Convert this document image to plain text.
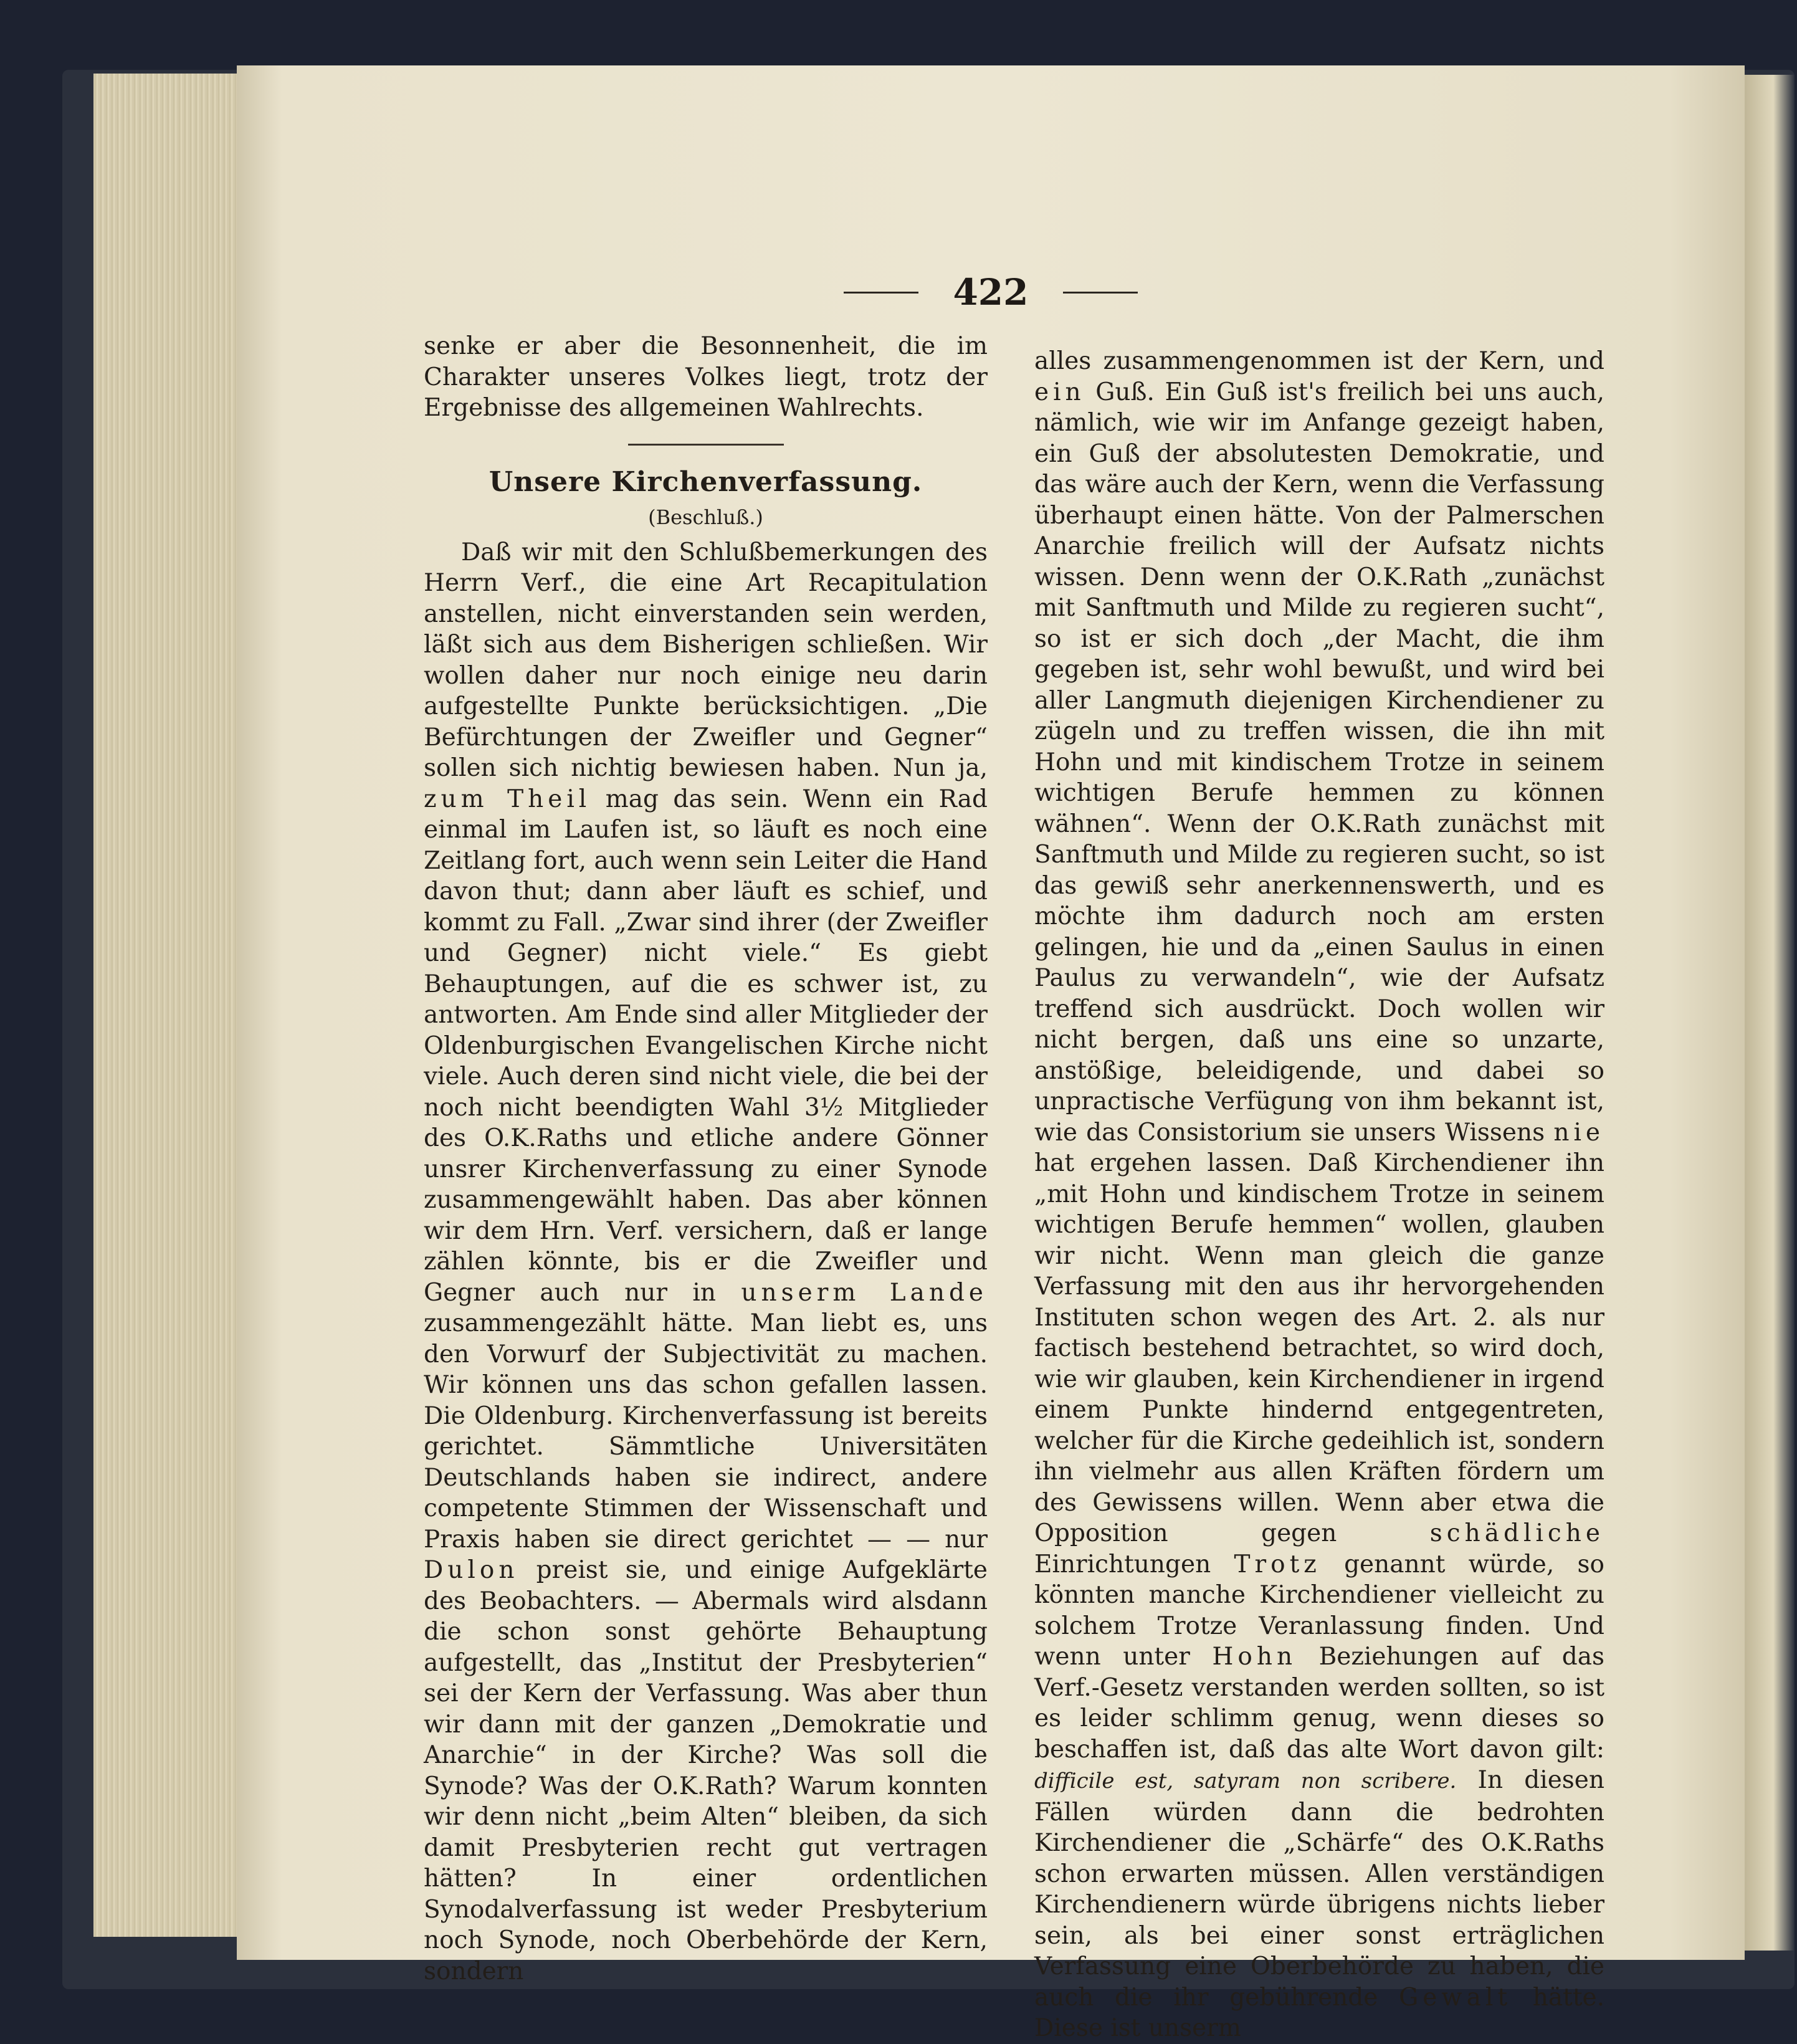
422

senke er aber die Besonnenheit, die im Charakter unseres Volkes liegt, trotz der Ergebnisse des allgemeinen Wahlrechts.

Unsere Kirchenverfassung.
(Beschluß.)

Daß wir mit den Schlußbemerkungen des Herrn Verf., die eine Art Recapitulation anstellen, nicht einverstanden sein werden, läßt sich aus dem Bisherigen schließen. Wir wollen daher nur noch einige neu darin aufgestellte Punkte berücksichtigen. „Die Befürchtungen der Zweifler und Gegner“ sollen sich nichtig bewiesen haben. Nun ja, zum Theil mag das sein. Wenn ein Rad einmal im Laufen ist, so läuft es noch eine Zeitlang fort, auch wenn sein Leiter die Hand davon thut; dann aber läuft es schief, und kommt zu Fall. „Zwar sind ihrer (der Zweifler und Gegner) nicht viele.“ Es giebt Behauptungen, auf die es schwer ist, zu antworten. Am Ende sind aller Mitglieder der Oldenburgischen Evangelischen Kirche nicht viele. Auch deren sind nicht viele, die bei der noch nicht beendigten Wahl 3½ Mitglieder des O.K.Raths und etliche andere Gönner unsrer Kirchenverfassung zu einer Synode zusammengewählt haben. Das aber können wir dem Hrn. Verf. versichern, daß er lange zählen könnte, bis er die Zweifler und Gegner auch nur in unserm Lande zusammengezählt hätte. Man liebt es, uns den Vorwurf der Subjectivität zu machen. Wir können uns das schon gefallen lassen. Die Oldenburg. Kirchenverfassung ist bereits gerichtet. Sämmtliche Universitäten Deutschlands haben sie indirect, andere competente Stimmen der Wissenschaft und Praxis haben sie direct gerichtet — — nur Dulon preist sie, und einige Aufgeklärte des Beobachters. — Abermals wird alsdann die schon sonst gehörte Behauptung aufgestellt, das „Institut der Presbyterien“ sei der Kern der Verfassung. Was aber thun wir dann mit der ganzen „Demokratie und Anarchie“ in der Kirche? Was soll die Synode? Was der O.K.Rath? Warum konnten wir denn nicht „beim Alten“ bleiben, da sich damit Presbyterien recht gut vertragen hätten? In einer ordentlichen Synodalverfassung ist weder Presbyterium noch Synode, noch Oberbehörde der Kern, sondern

alles zusammengenommen ist der Kern, und ein Guß. Ein Guß ist's freilich bei uns auch, nämlich, wie wir im Anfange gezeigt haben, ein Guß der absolutesten Demokratie, und das wäre auch der Kern, wenn die Verfassung überhaupt einen hätte. Von der Palmerschen Anarchie freilich will der Aufsatz nichts wissen. Denn wenn der O.K.Rath „zunächst mit Sanftmuth und Milde zu regieren sucht“, so ist er sich doch „der Macht, die ihm gegeben ist, sehr wohl bewußt, und wird bei aller Langmuth diejenigen Kirchendiener zu zügeln und zu treffen wissen, die ihn mit Hohn und mit kindischem Trotze in seinem wichtigen Berufe hemmen zu können wähnen“. Wenn der O.K.Rath zunächst mit Sanftmuth und Milde zu regieren sucht, so ist das gewiß sehr anerkennenswerth, und es möchte ihm dadurch noch am ersten gelingen, hie und da „einen Saulus in einen Paulus zu verwandeln“, wie der Aufsatz treffend sich ausdrückt. Doch wollen wir nicht bergen, daß uns eine so unzarte, anstößige, beleidigende, und dabei so unpractische Verfügung von ihm bekannt ist, wie das Consistorium sie unsers Wissens nie hat ergehen lassen. Daß Kirchendiener ihn „mit Hohn und kindischem Trotze in seinem wichtigen Berufe hemmen“ wollen, glauben wir nicht. Wenn man gleich die ganze Verfassung mit den aus ihr hervorgehenden Instituten schon wegen des Art. 2. als nur factisch bestehend betrachtet, so wird doch, wie wir glauben, kein Kirchendiener in irgend einem Punkte hindernd entgegentreten, welcher für die Kirche gedeihlich ist, sondern ihn vielmehr aus allen Kräften fördern um des Gewissens willen. Wenn aber etwa die Opposition gegen	schädliche Einrichtungen Trotz genannt würde, so könnten manche Kirchendiener vielleicht zu solchem Trotze Veranlassung finden. Und wenn unter Hohn Beziehungen auf das Verf.-Gesetz verstanden werden sollten, so ist es leider schlimm genug, wenn dieses so beschaffen ist, daß das alte Wort davon gilt: difficile est, satyram non scribere. In diesen Fällen würden dann die bedrohten Kirchendiener die „Schärfe“ des O.K.Raths schon erwarten müssen. Allen verständigen Kirchendienern würde übrigens nichts lieber sein, als bei einer sonst erträglichen Verfassung eine Oberbehörde zu haben, die auch die ihr gebührende Gewalt hätte. Diese ist unserm
